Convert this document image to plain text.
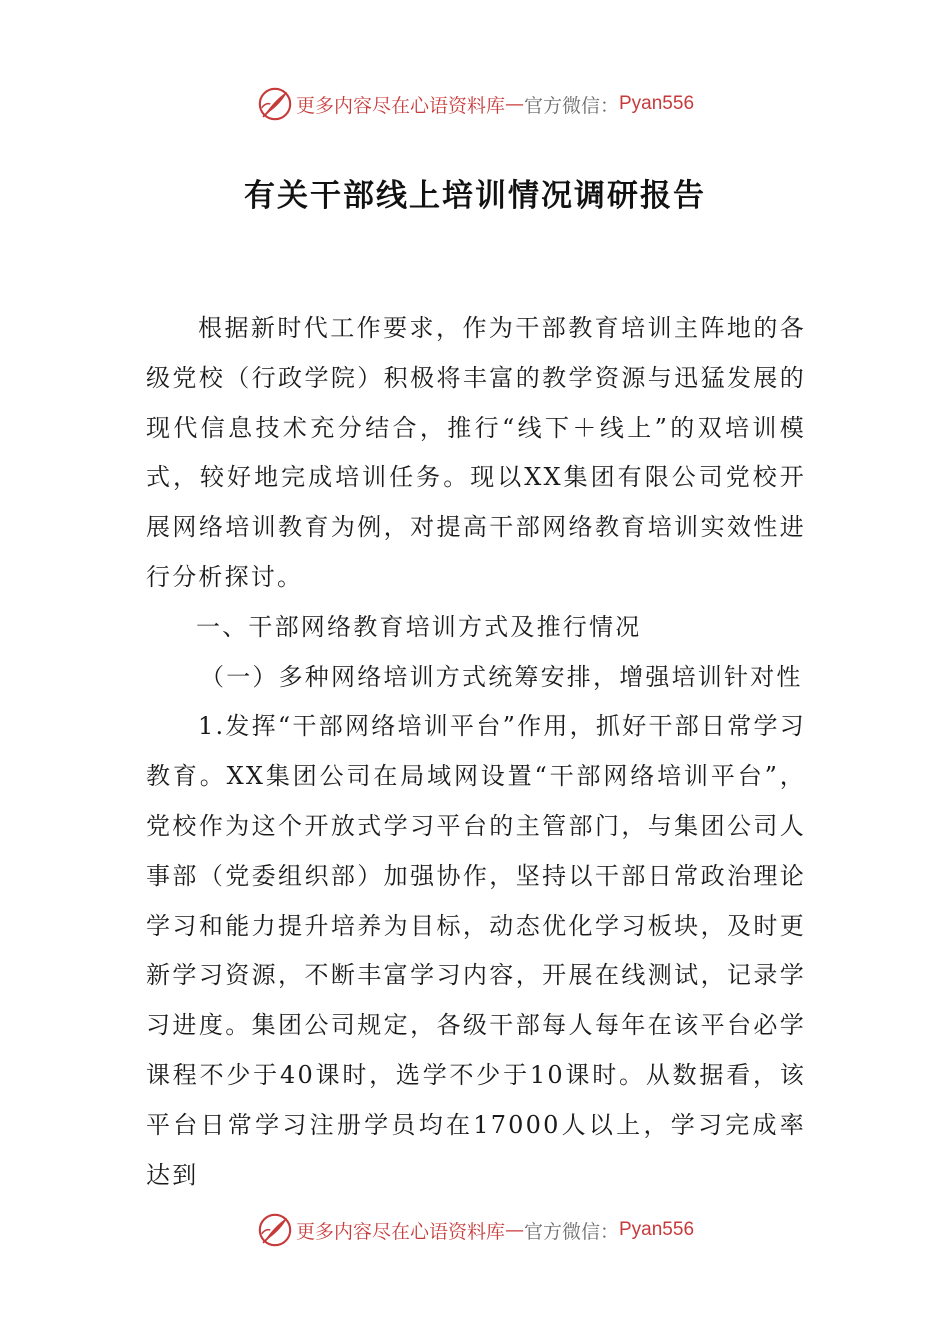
更多内容尽在心语资料库 — 官方微信： Pyan556
有关干部线上培训情况调研报告

根据新时代工作要求，作为干部教育培训主阵地的各级党校（行政学院）积极将丰富的教学资源与迅猛发展的现代信息技术充分结合，推行“线下＋线上”的双培训模式，较好地完成培训任务。现以XX集团有限公司党校开展网络培训教育为例，对提高干部网络教育培训实效性进行分析探讨。

一、干部网络教育培训方式及推行情况

（一）多种网络培训方式统筹安排，增强培训针对性

1.发挥“干部网络培训平台”作用，抓好干部日常学习教育。XX集团公司在局域网设置“干部网络培训平台”，党校作为这个开放式学习平台的主管部门，与集团公司人事部（党委组织部）加强协作，坚持以干部日常政治理论学习和能力提升培养为目标，动态优化学习板块，及时更新学习资源，不断丰富学习内容，开展在线测试，记录学习进度。集团公司规定，各级干部每人每年在该平台必学课程不少于40课时，选学不少于10课时。从数据看，该平台日常学习注册学员均在17000人以上，学习完成率达到

更多内容尽在心语资料库 — 官方微信： Pyan556
